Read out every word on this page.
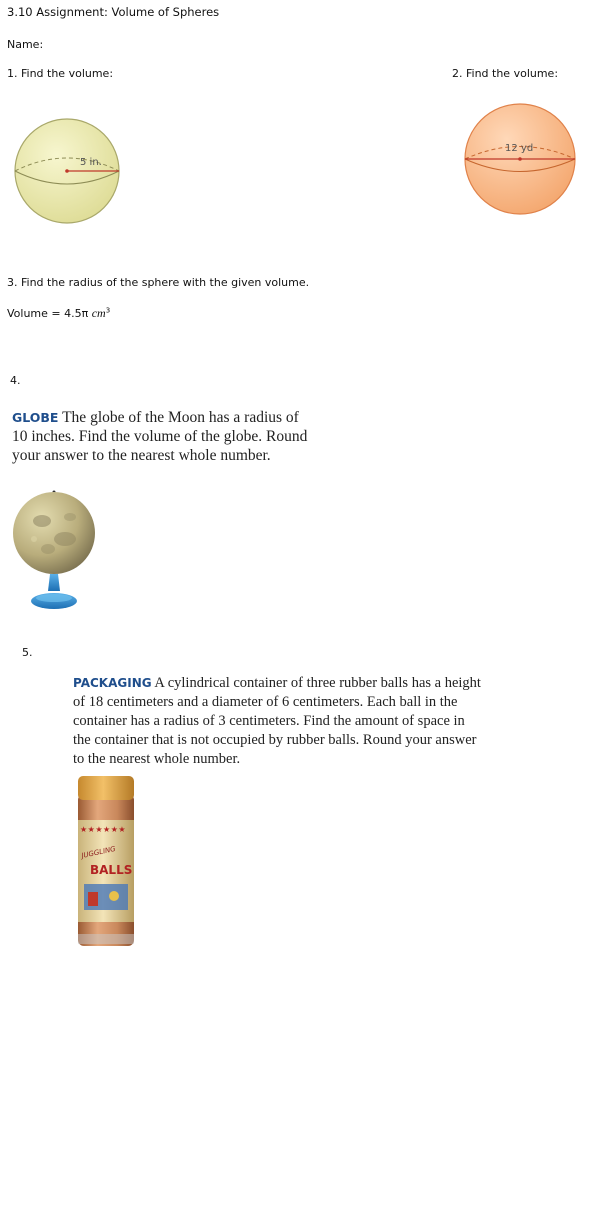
3.10 Assignment: Volume of Spheres
Name:
1. Find the volume:
5 in.
2. Find the volume:
12 yd
3. Find the radius of the sphere with the given volume.
Volume = 4.5π $cm^3$
4.
GLOBE The globe of the Moon has a radius of
10 inches. Find the volume of the globe. Round
your answer to the nearest whole number.
5.
PACKAGING A cylindrical container of three rubber balls has a height
of 18 centimeters and a diameter of 6 centimeters. Each ball in the
container has a radius of 3 centimeters. Find the amount of space in
the container that is not occupied by rubber balls. Round your answer
to the nearest whole number.
★★★★★★
JUGGLING
BALLS
